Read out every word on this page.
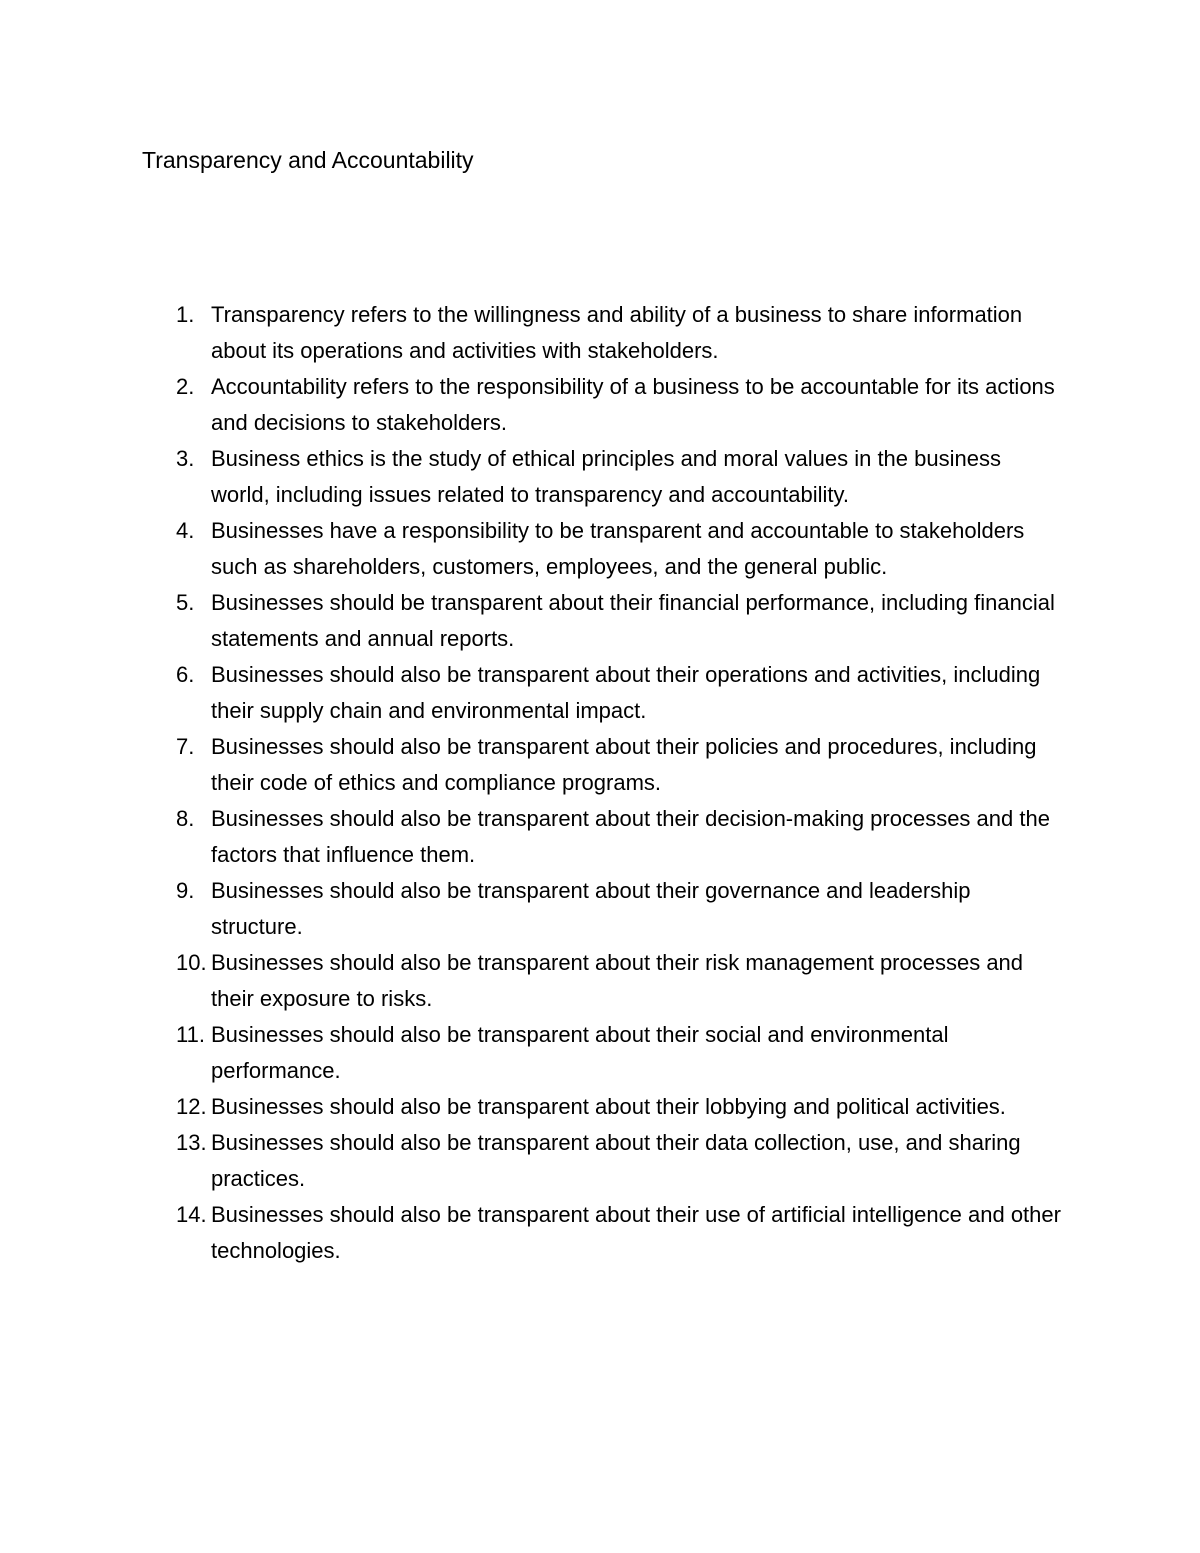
Transparency and Accountability
1. Transparency refers to the willingness and ability of a business to share information about its operations and activities with stakeholders.
2. Accountability refers to the responsibility of a business to be accountable for its actions and decisions to stakeholders.
3. Business ethics is the study of ethical principles and moral values in the business world, including issues related to transparency and accountability.
4. Businesses have a responsibility to be transparent and accountable to stakeholders such as shareholders, customers, employees, and the general public.
5. Businesses should be transparent about their financial performance, including financial statements and annual reports.
6. Businesses should also be transparent about their operations and activities, including their supply chain and environmental impact.
7. Businesses should also be transparent about their policies and procedures, including their code of ethics and compliance programs.
8. Businesses should also be transparent about their decision-making processes and the factors that influence them.
9. Businesses should also be transparent about their governance and leadership structure.
10. Businesses should also be transparent about their risk management processes and their exposure to risks.
11. Businesses should also be transparent about their social and environmental performance.
12. Businesses should also be transparent about their lobbying and political activities.
13. Businesses should also be transparent about their data collection, use, and sharing practices.
14. Businesses should also be transparent about their use of artificial intelligence and other technologies.
